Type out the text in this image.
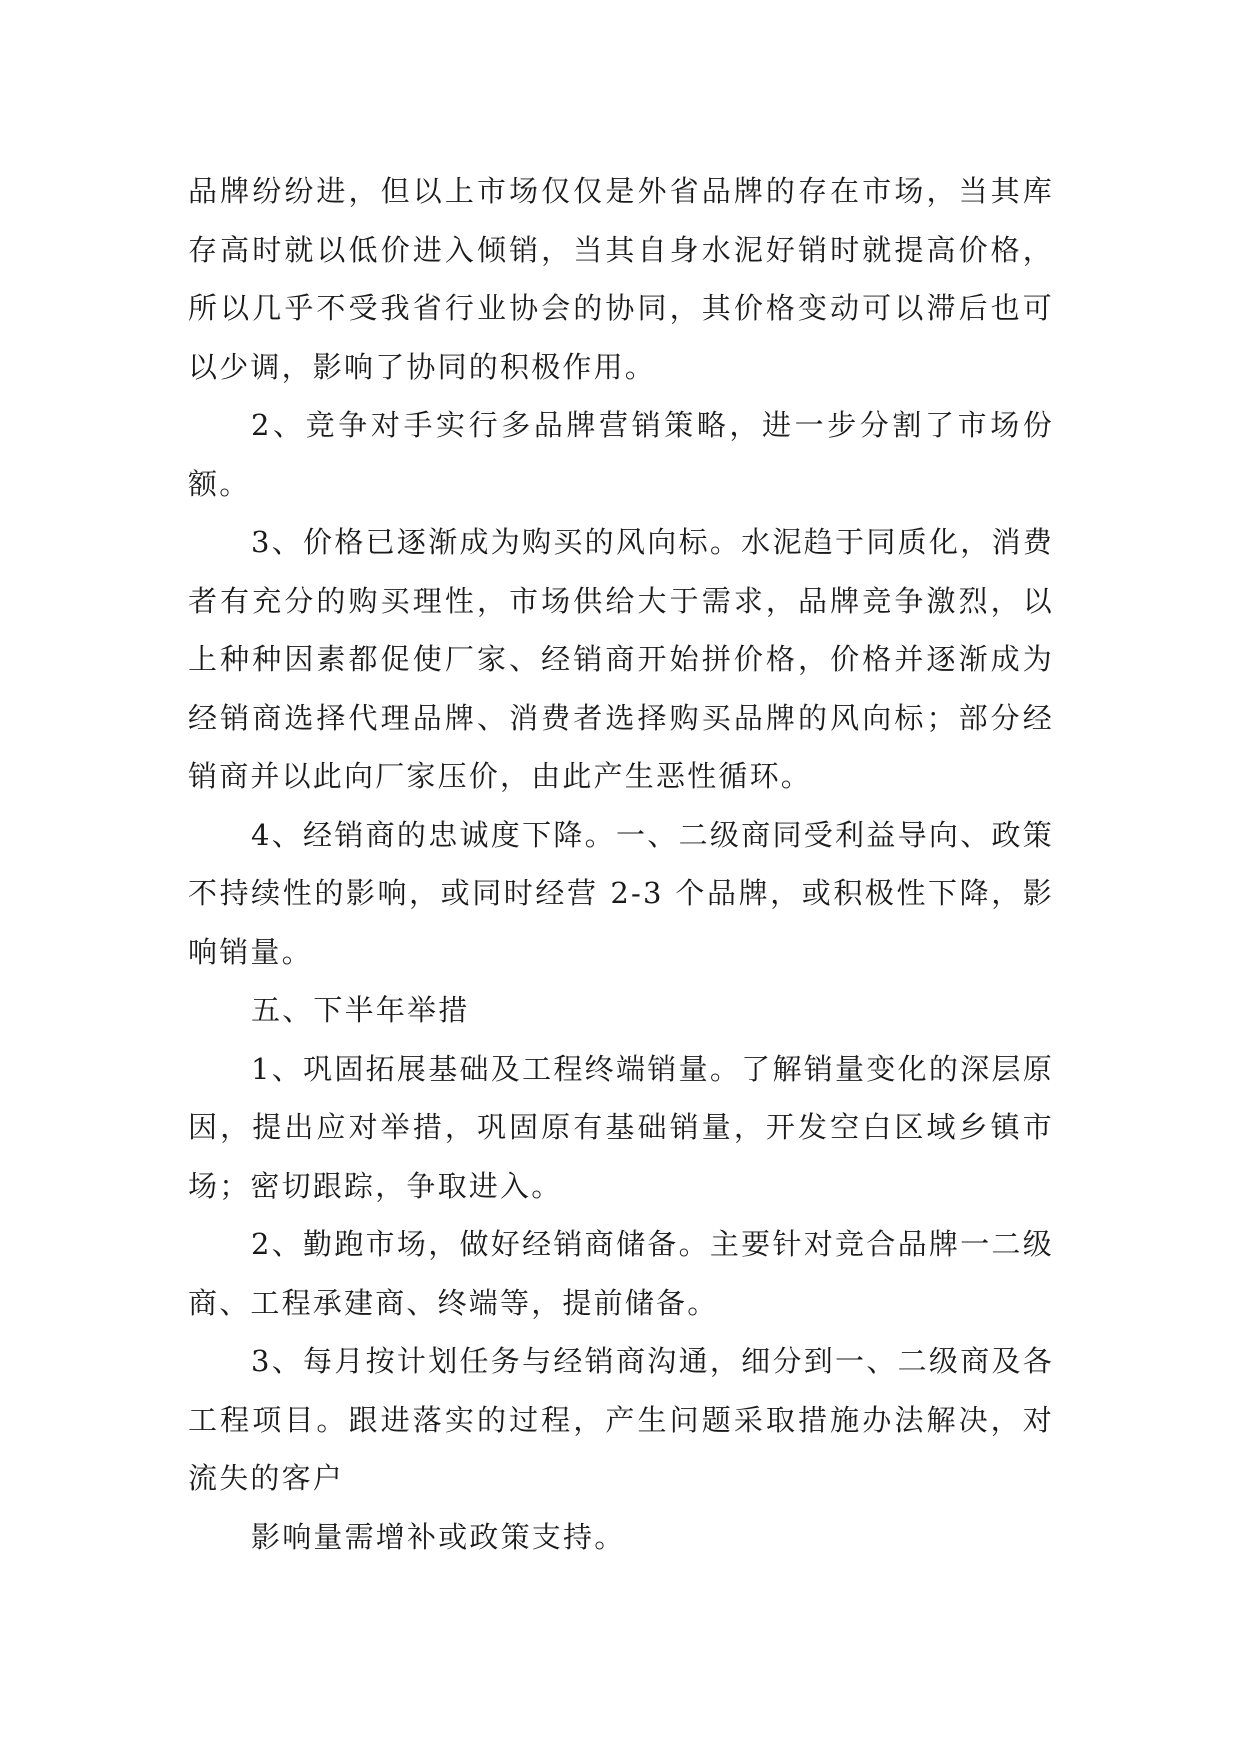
品牌纷纷进，但以上市场仅仅是外省品牌的存在市场，当其库存高时就以低价进入倾销，当其自身水泥好销时就提高价格，所以几乎不受我省行业协会的协同，其价格变动可以滞后也可以少调，影响了协同的积极作用。

2、竞争对手实行多品牌营销策略，进一步分割了市场份额。

3、价格已逐渐成为购买的风向标。水泥趋于同质化，消费者有充分的购买理性，市场供给大于需求，品牌竞争激烈，以上种种因素都促使厂家、经销商开始拼价格，价格并逐渐成为经销商选择代理品牌、消费者选择购买品牌的风向标；部分经销商并以此向厂家压价，由此产生恶性循环。

4、经销商的忠诚度下降。一、二级商同受利益导向、政策不持续性的影响，或同时经营 2-3 个品牌，或积极性下降，影响销量。

五、下半年举措

1、巩固拓展基础及工程终端销量。了解销量变化的深层原因，提出应对举措，巩固原有基础销量，开发空白区域乡镇市场；密切跟踪，争取进入。

2、勤跑市场，做好经销商储备。主要针对竞合品牌一二级商、工程承建商、终端等，提前储备。

3、每月按计划任务与经销商沟通，细分到一、二级商及各工程项目。跟进落实的过程，产生问题采取措施办法解决，对流失的客户

影响量需增补或政策支持。
